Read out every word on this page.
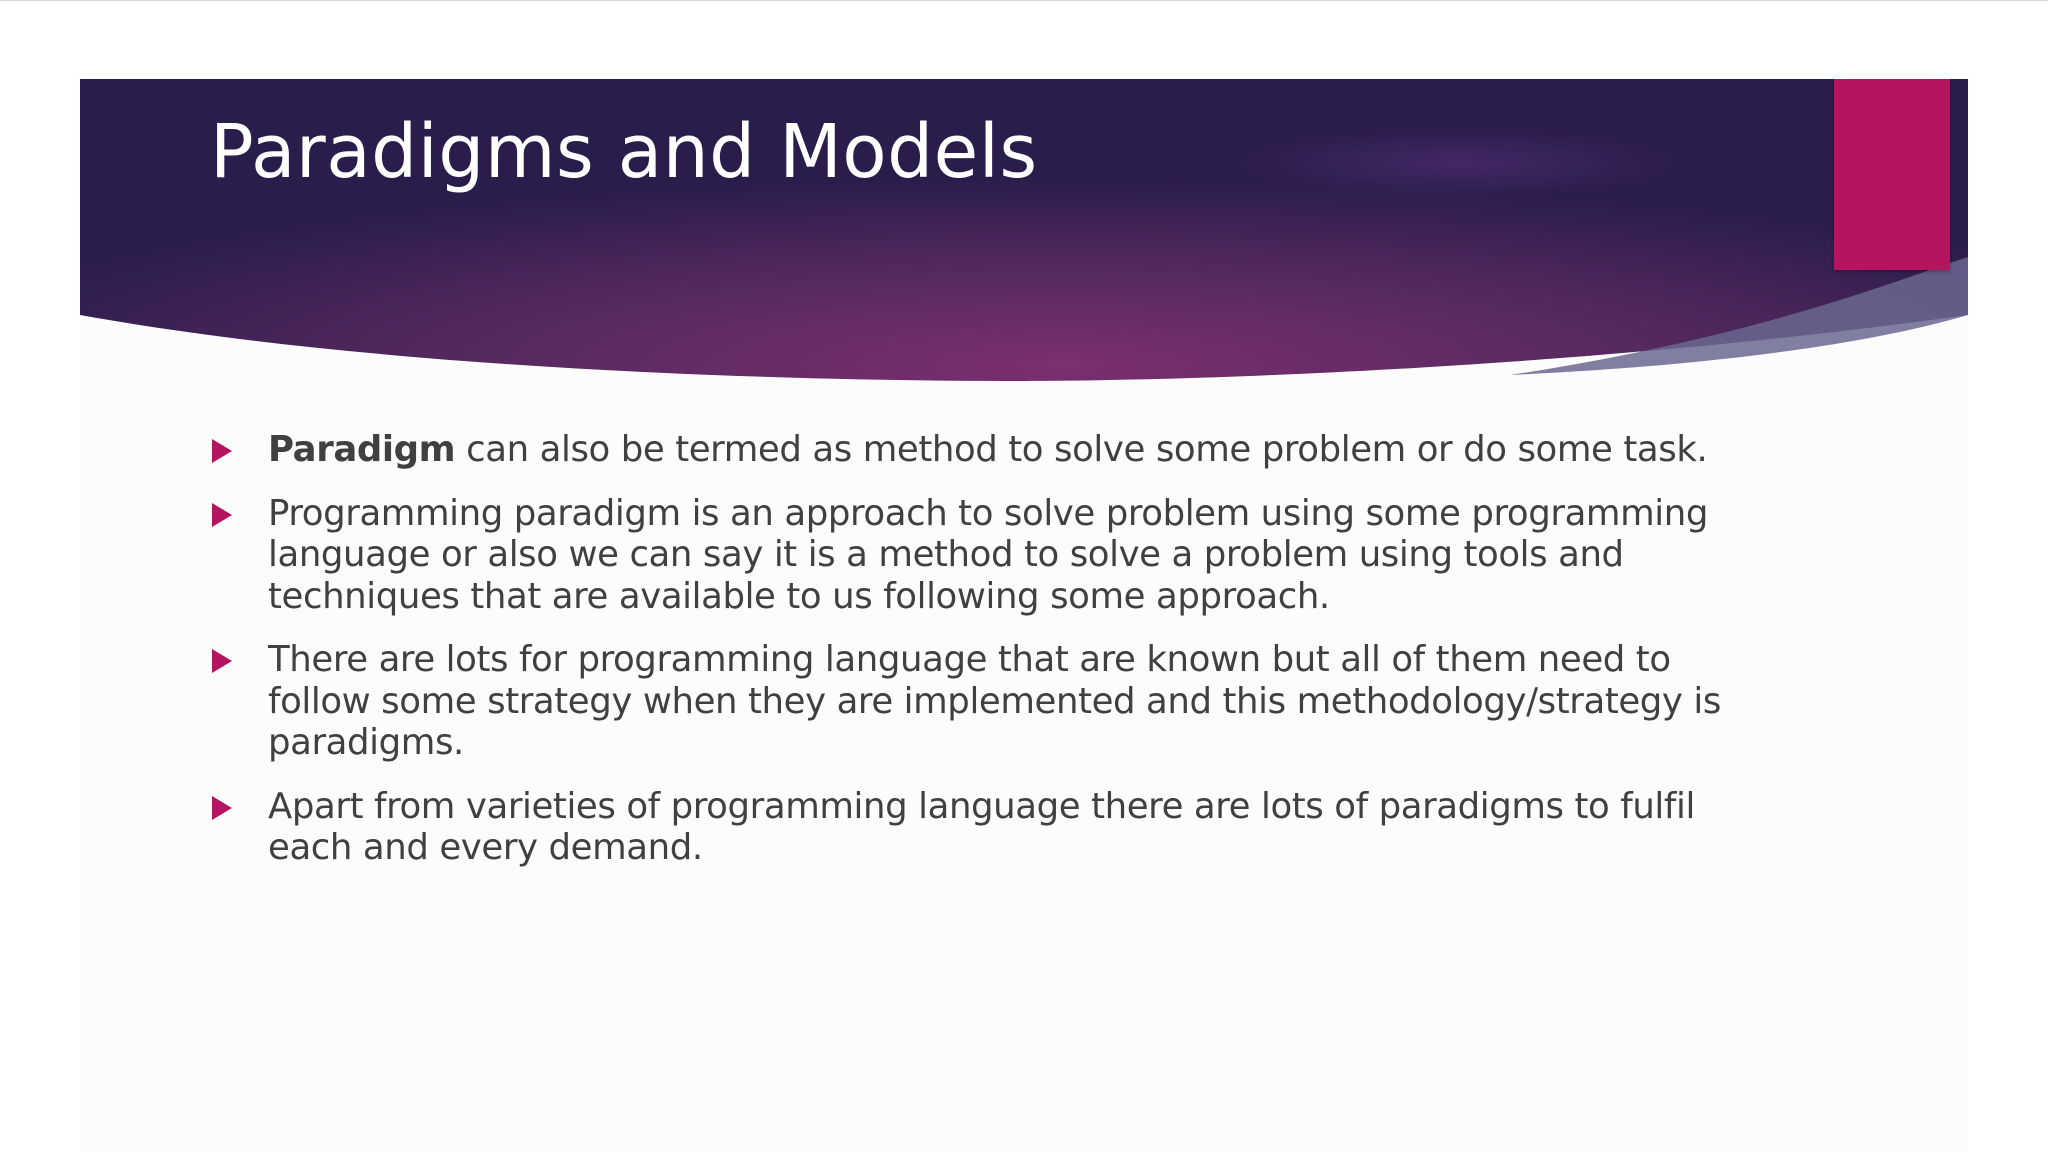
Paradigms and Models
Paradigm can also be termed as method to solve some problem or do some task.
Programming paradigm is an approach to solve problem using some programming language or also we can say it is a method to solve a problem using tools and techniques that are available to us following some approach.
There are lots for programming language that are known but all of them need to follow some strategy when they are implemented and this methodology/strategy is paradigms.
Apart from varieties of programming language there are lots of paradigms to fulfil each and every demand.
